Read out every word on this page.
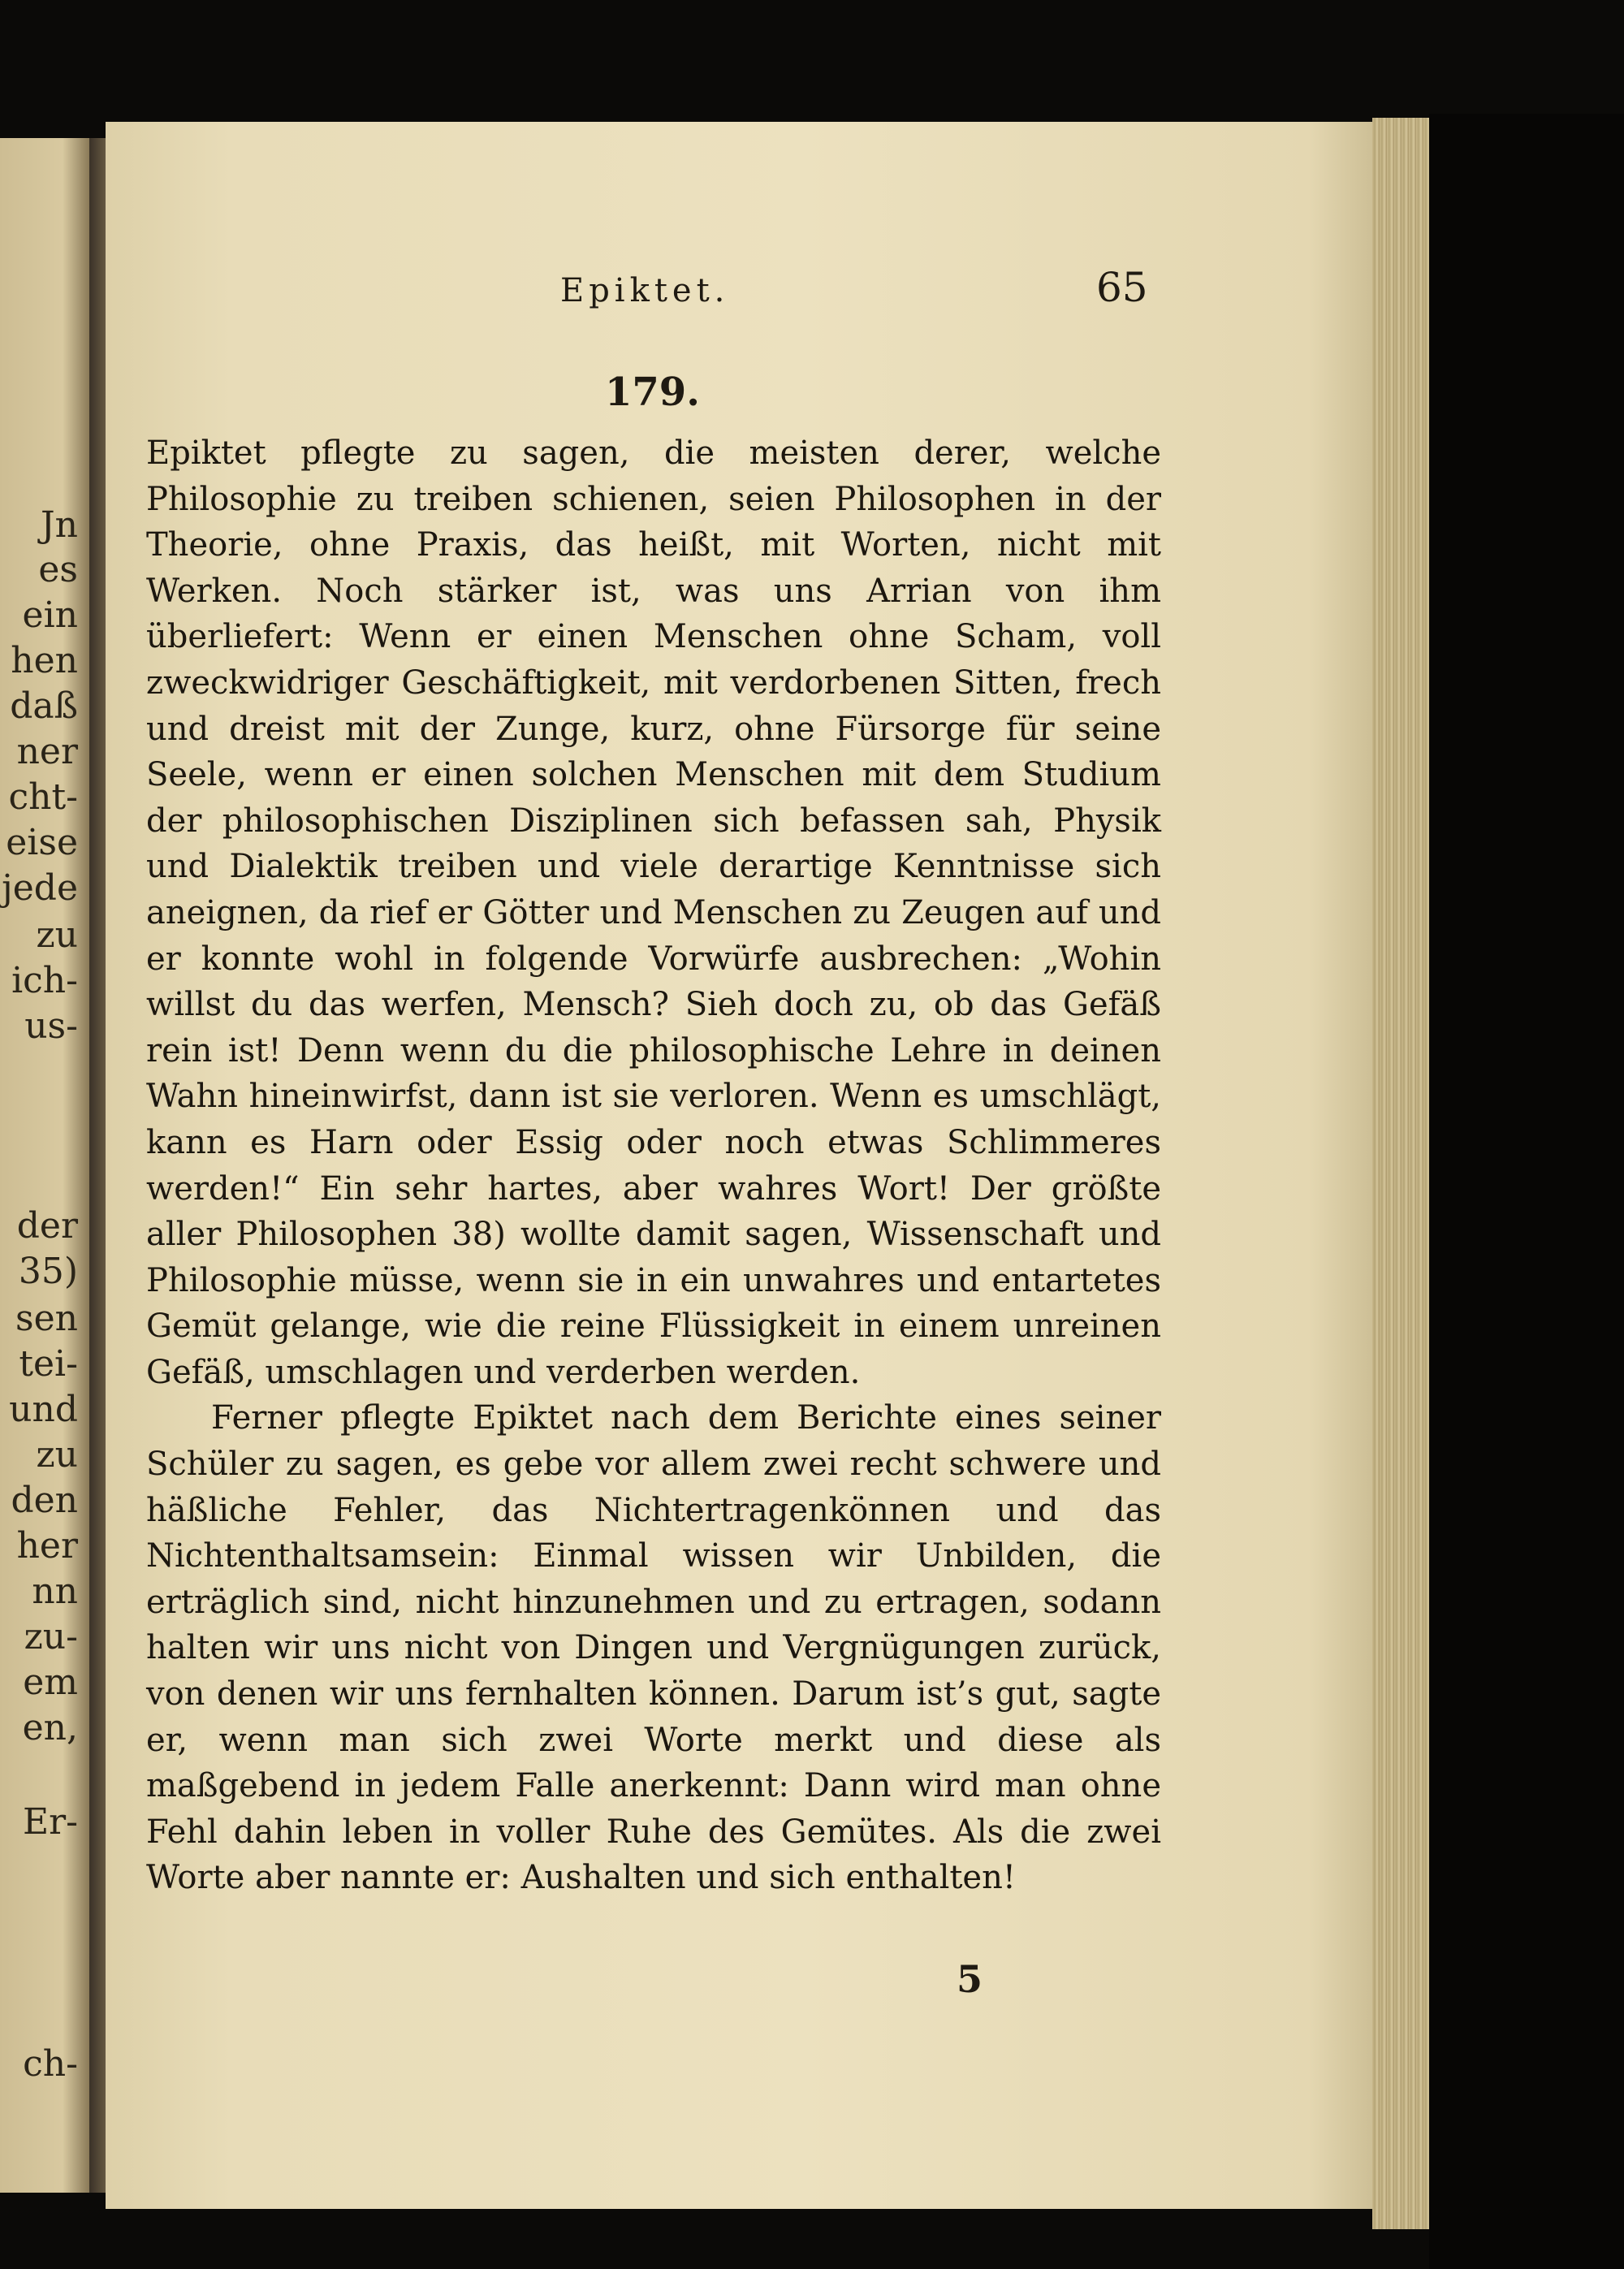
Jn
es
ein
hen
daß
ner
cht-
eise
jede
zu
ich-
us-
der
35)
sen
tei-
und
zu
den
her
nn
zu-
em
en,
Er-
ch-
Epiktet.	65
179.

Epiktet pflegte zu sagen, die meisten derer, welche Philosophie zu treiben schienen, seien Philosophen in der Theorie, ohne Praxis, das heißt, mit Worten, nicht mit Werken. Noch stärker ist, was uns Arrian von ihm überliefert: Wenn er einen Menschen ohne Scham, voll zweckwidriger Geschäftigkeit, mit verdorbenen Sitten, frech und dreist mit der Zunge, kurz, ohne Fürsorge für seine Seele, wenn er einen solchen Menschen mit dem Studium der philosophischen Disziplinen sich befassen sah, Physik und Dialektik treiben und viele derartige Kenntnisse sich aneignen, da rief er Götter und Menschen zu Zeugen auf und er konnte wohl in folgende Vorwürfe ausbrechen: „Wohin willst du das werfen, Mensch? Sieh doch zu, ob das Gefäß rein ist! Denn wenn du die philosophische Lehre in deinen Wahn hineinwirfst, dann ist sie verloren. Wenn es umschlägt, kann es Harn oder Essig oder noch etwas Schlimmeres werden!“ Ein sehr hartes, aber wahres Wort! Der größte aller Philosophen 38) wollte damit sagen, Wissenschaft und Philosophie müsse, wenn sie in ein unwahres und entartetes Gemüt gelange, wie die reine Flüssigkeit in einem unreinen Gefäß, umschlagen und verderben werden.

Ferner pflegte Epiktet nach dem Berichte eines seiner Schüler zu sagen, es gebe vor allem zwei recht schwere und häßliche Fehler, das Nichtertragenkönnen und das Nichtenthaltsamsein: Einmal wissen wir Unbilden, die erträglich sind, nicht hinzunehmen und zu ertragen, sodann halten wir uns nicht von Dingen und Vergnügungen zurück, von denen wir uns fernhalten können. Darum ist’s gut, sagte er, wenn man sich zwei Worte merkt und diese als maßgebend in jedem Falle anerkennt: Dann wird man ohne Fehl dahin leben in voller Ruhe des Gemütes. Als die zwei Worte aber nannte er: Aushalten und sich enthalten!

5
